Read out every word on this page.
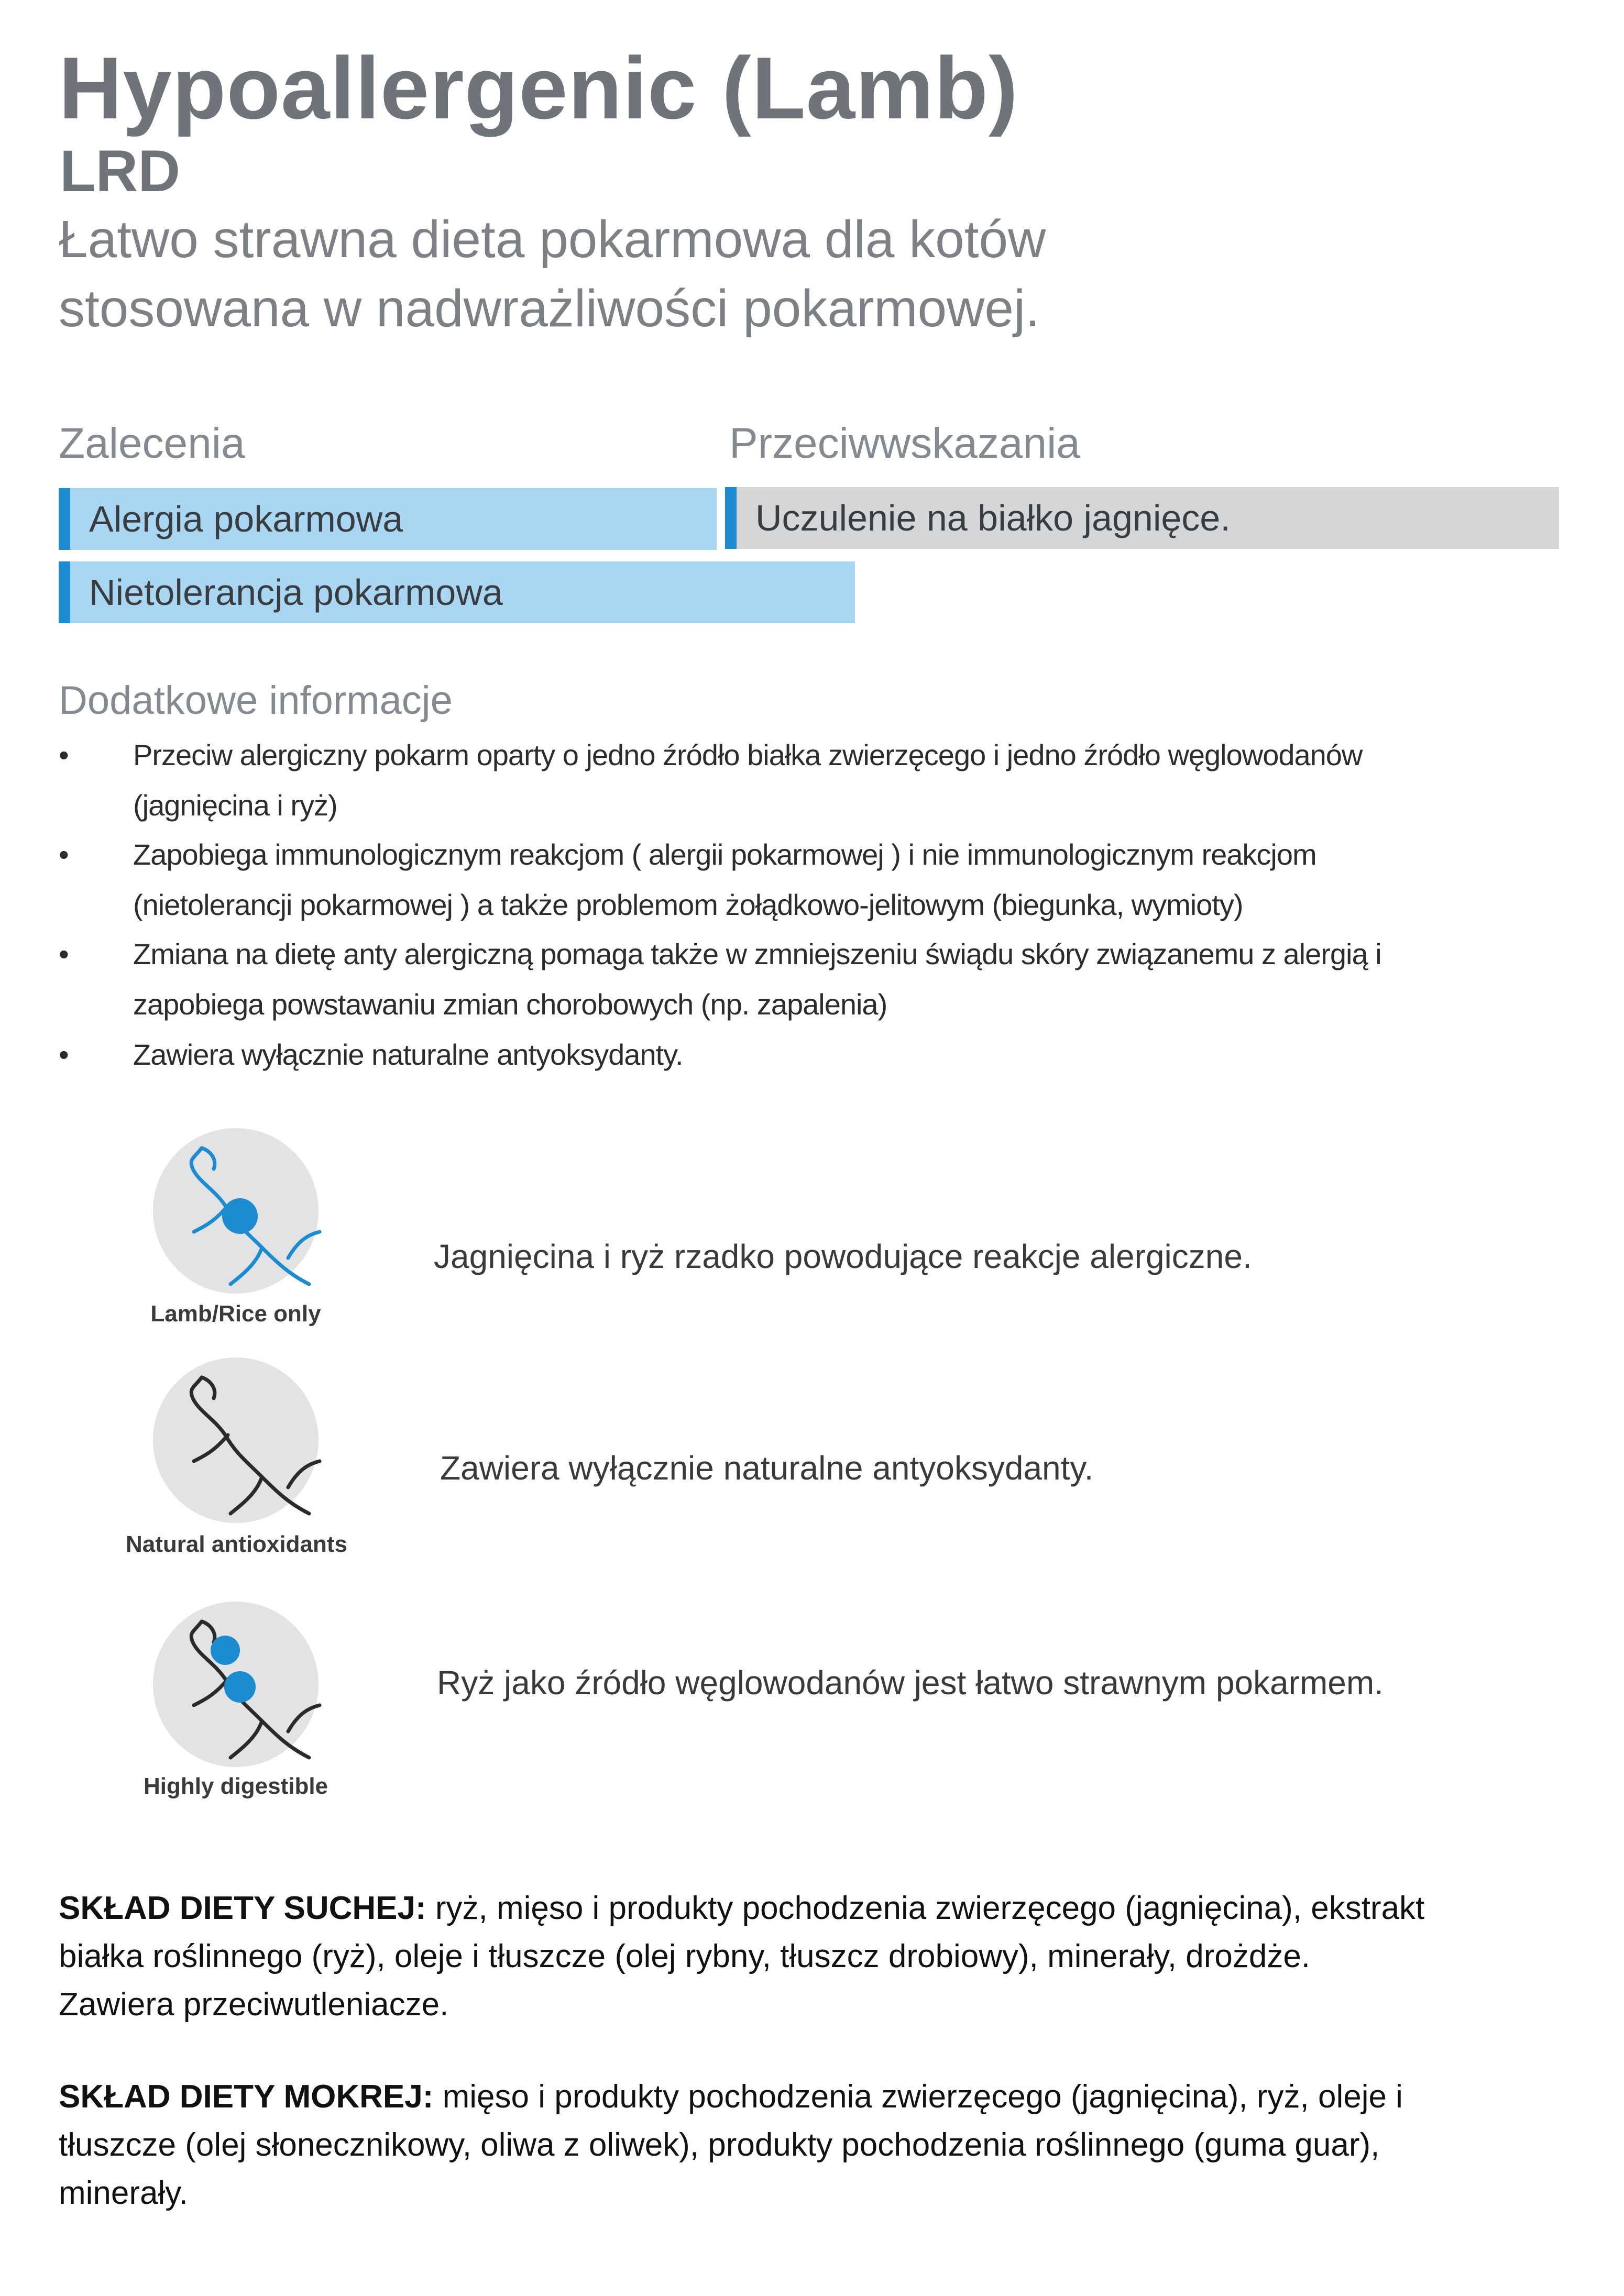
Hypoallergenic (Lamb)
LRD
Łatwo strawna dieta pokarmowa dla kotów
stosowana w nadwrażliwości pokarmowej.
Zalecenia
Alergia pokarmowa
Nietolerancja pokarmowa
Przeciwwskazania
Uczulenie na białko jagnięce.
Dodatkowe informacje
• Przeciw alergiczny pokarm oparty o jedno źródło białka zwierzęcego i jedno źródło węglowodanów
(jagnięcina i ryż)
• Zapobiega immunologicznym reakcjom ( alergii pokarmowej ) i nie immunologicznym reakcjom
(nietolerancji pokarmowej ) a także problemom żołądkowo-jelitowym (biegunka, wymioty)
• Zmiana na dietę anty alergiczną pomaga także w zmniejszeniu świądu skóry związanemu z alergią i
zapobiega powstawaniu zmian chorobowych (np. zapalenia)
• Zawiera wyłącznie naturalne antyoksydanty.
Lamb/Rice only
Jagnięcina i ryż rzadko powodujące reakcje alergiczne.
Natural antioxidants
Zawiera wyłącznie naturalne antyoksydanty.
Highly digestible
Ryż jako źródło węglowodanów jest łatwo strawnym pokarmem.
SKŁAD DIETY SUCHEJ: ryż, mięso i produkty pochodzenia zwierzęcego (jagnięcina), ekstrakt
białka roślinnego (ryż), oleje i tłuszcze (olej rybny, tłuszcz drobiowy), minerały, drożdże.
Zawiera przeciwutleniacze.
SKŁAD DIETY MOKREJ: mięso i produkty pochodzenia zwierzęcego (jagnięcina), ryż, oleje i
tłuszcze (olej słonecznikowy, oliwa z oliwek), produkty pochodzenia roślinnego (guma guar),
minerały.
